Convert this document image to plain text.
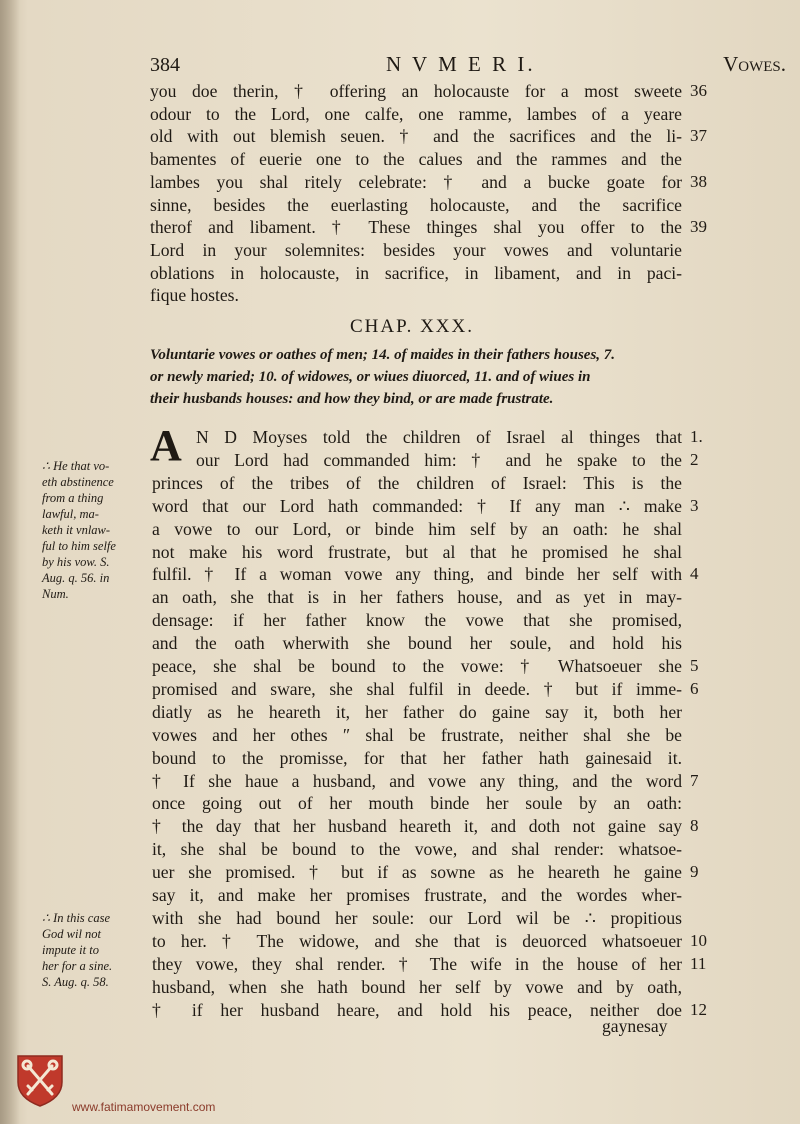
384	N V M E R I.	Vowes.
you doe therin, † offering an holocauste for a most sweete 36
odour to the Lord, one calfe, one ramme, lambes of a yeare
old with out blemish seuen. † and the sacrifices and the li- 37
bamentes of euerie one to the calues and the rammes and the
lambes you shal ritely celebrate: † and a bucke goate for 38
sinne, besides the euerlasting holocauste, and the sacrifice
therof and libament. † These thinges shal you offer to the 39
Lord in your solemnites: besides your vowes and voluntarie
oblations in holocauste, in sacrifice, in libament, and in paci-
fique hostes.
CHAP. XXX.
Voluntarie vowes or oathes of men; 14. of maides in their fathers houses, 7.
or newly maried; 10. of widowes, or wiues diuorced, 11. and of wiues in
their husbands houses: and how they bind, or are made frustrate.
A N D Moyses told the children of Israel al thinges that 1.
our Lord had commanded him: † and he spake to the 2
princes of the tribes of the children of Israel: This is the
word that our Lord hath commanded: † If any man ∴ make 3
a vowe to our Lord, or binde him self by an oath: he shal
not make his word frustrate, but al that he promised he shal
fulfil. † If a woman vowe any thing, and binde her self with 4
an oath, she that is in her fathers house, and as yet in may-
densage: if her father know the vowe that she promised,
and the oath wherwith she bound her soule, and hold his
peace, she shal be bound to the vowe: † Whatsoeuer she 5
promised and sware, she shal fulfil in deede. † but if imme- 6
diatly as he heareth it, her father do gaine say it, both her
vowes and her othes ″ shal be frustrate, neither shal she be
bound to the promisse, for that her father hath gainesaid it.
† If she haue a husband, and vowe any thing, and the word 7
once going out of her mouth binde her soule by an oath:
† the day that her husband heareth it, and doth not gaine say 8
it, she shal be bound to the vowe, and shal render: whatsoe-
uer she promised. † but if as sowne as he heareth he gaine 9
say it, and make her promises frustrate, and the wordes wher-
with she had bound her soule: our Lord wil be ∴ propitious
to her. † The widowe, and she that is deuorced whatsoeuer 10
they vowe, they shal render. † The wife in the house of her 11
husband, when she hath bound her self by vowe and by oath,
† if her husband heare, and hold his peace, neither doe 12
∴ He that vo-
eth abstinence
from a thing
lawful, ma-
keth it vnlaw-
ful to him selfe
by his vow. S.
Aug. q. 56. in
Num.
∴ In this case
God wil not
impute it to
her for a sine.
S. Aug. q. 58.
gaynesay
www.fatimamovement.com
